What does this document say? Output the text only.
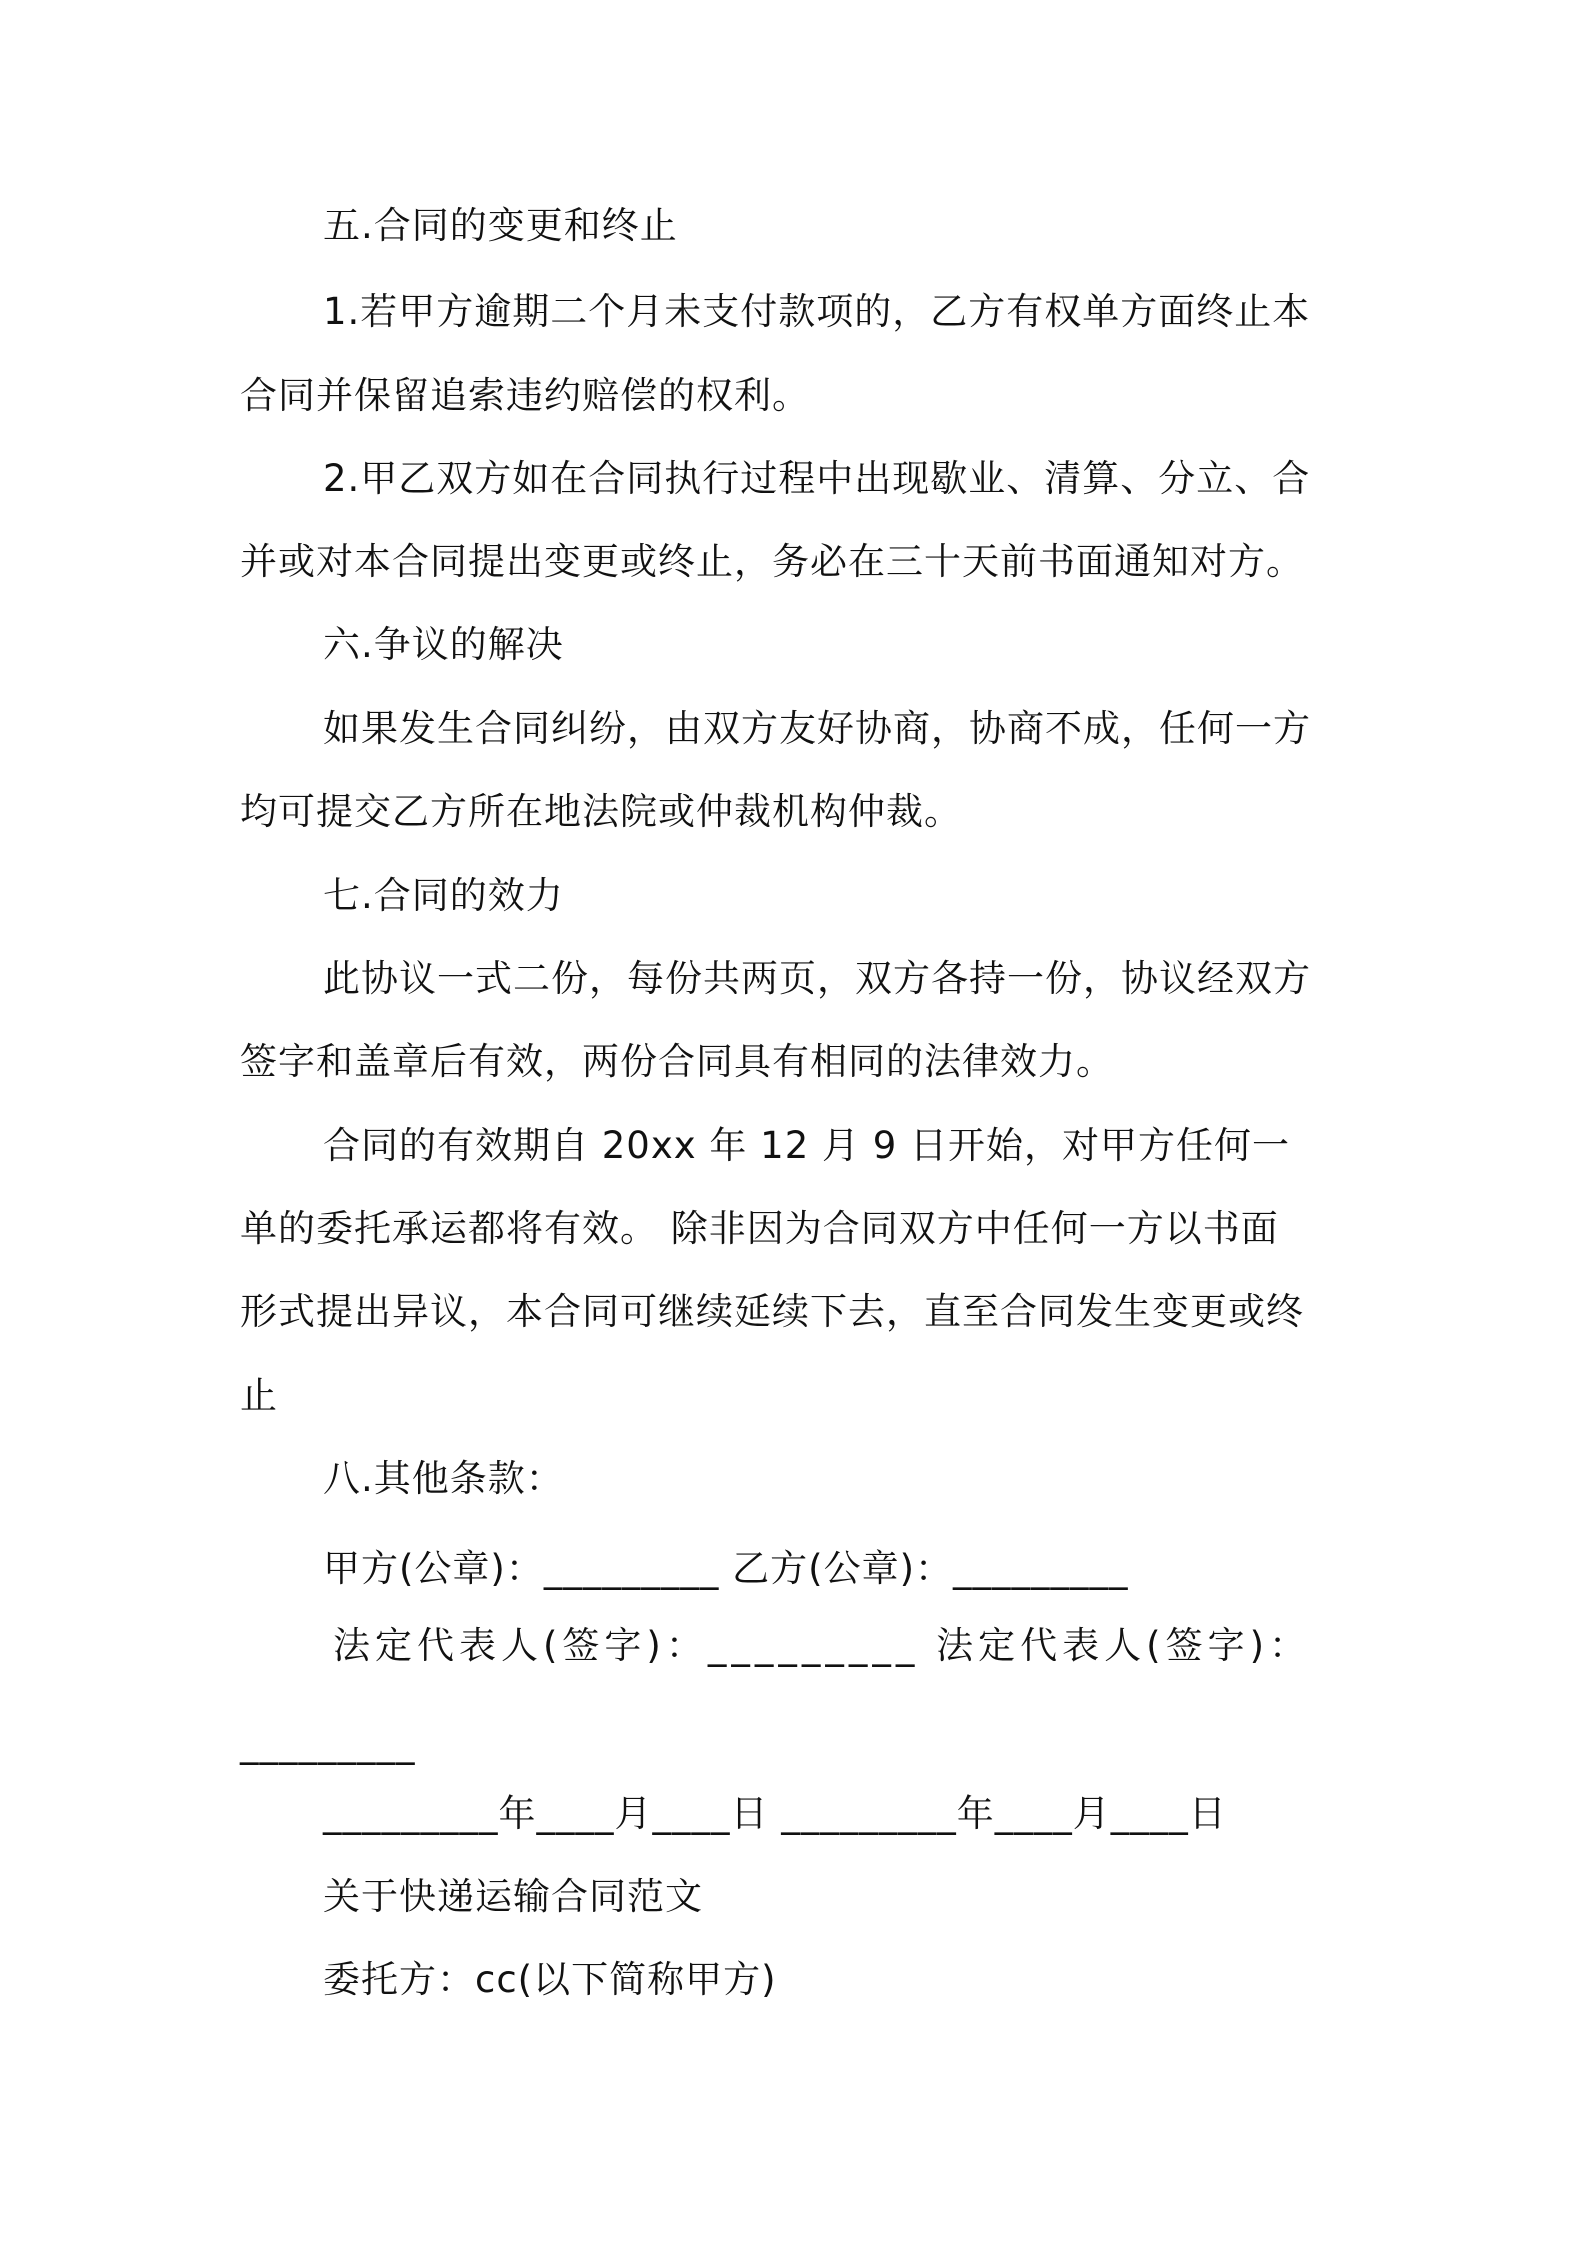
五.合同的变更和终止
1.若甲方逾期二个月未支付款项的，乙方有权单方面终止本
合同并保留追索违约赔偿的权利。
2.甲乙双方如在合同执行过程中出现歇业、清算、分立、合
并或对本合同提出变更或终止，务必在三十天前书面通知对方。
六.争议的解决
如果发生合同纠纷，由双方友好协商，协商不成，任何一方
均可提交乙方所在地法院或仲裁机构仲裁。
七.合同的效力
此协议一式二份，每份共两页，双方各持一份，协议经双方
签字和盖章后有效，两份合同具有相同的法律效力。
合同的有效期自 20xx 年 12 月 9 日开始，对甲方任何一
单的委托承运都将有效。 除非因为合同双方中任何一方以书面
形式提出异议，本合同可继续延续下去，直至合同发生变更或终
止
八.其他条款：
甲方(公章)：_________ 乙方(公章)：_________
法定代表人(签字)：_________ 法定代表人(签字)：
_________
_________年____月____日 _________年____月____日
关于快递运输合同范文
委托方：cc(以下简称甲方)
